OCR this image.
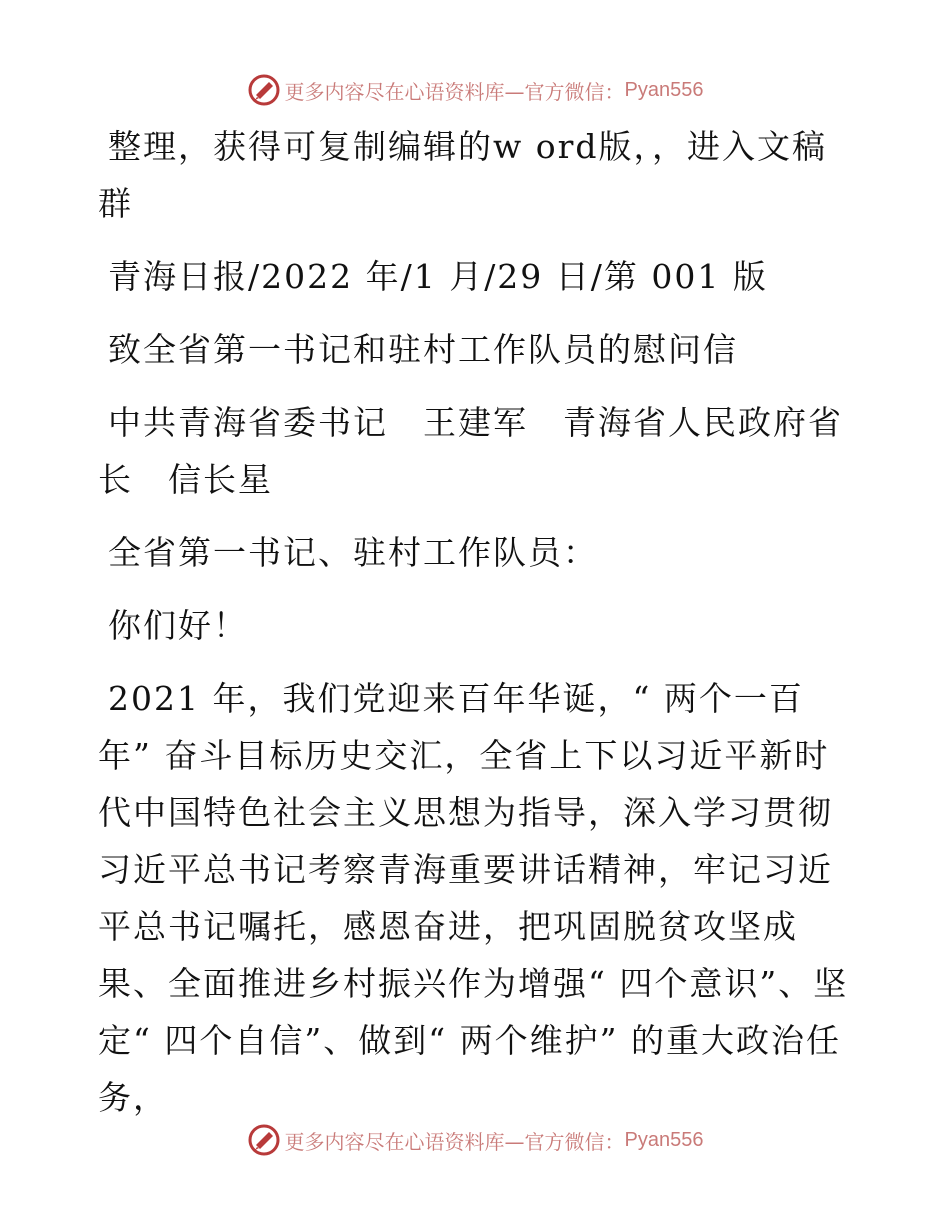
更多内容尽在心语资料库—官方微信： Pyan556

整理，获得可复制编辑的w ord版，，进入文稿群

青海日报/2022 年/1 月/29 日/第 001 版

致全省第一书记和驻村工作队员的慰问信

中共青海省委书记　王建军　青海省人民政府省长　信长星

全省第一书记、驻村工作队员：

你们好！

2021 年，我们党迎来百年华诞，“ 两个一百年” 奋斗目标历史交汇，全省上下以习近平新时代中国特色社会主义思想为指导，深入学习贯彻习近平总书记考察青海重要讲话精神，牢记习近平总书记嘱托，感恩奋进，把巩固脱贫攻坚成果、全面推进乡村振兴作为增强“ 四个意识”、坚定“ 四个自信”、做到“ 两个维护” 的重大政治任务，

更多内容尽在心语资料库—官方微信： Pyan556
